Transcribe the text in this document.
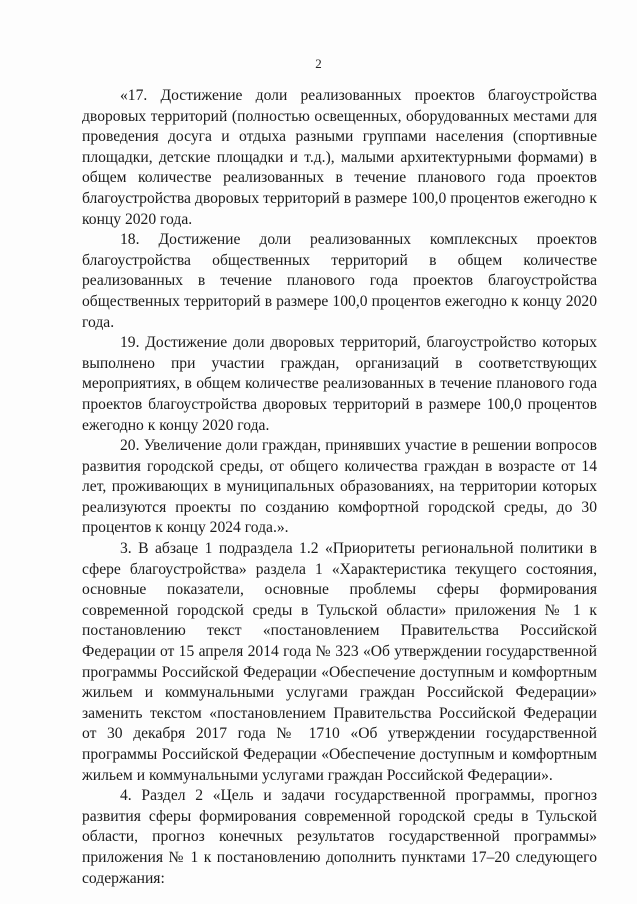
2

«17. Достижение доли реализованных проектов благоустройства дворовых территорий (полностью освещенных, оборудованных местами для проведения досуга и отдыха разными группами населения (спортивные площадки, детские площадки и т.д.), малыми архитектурными формами) в общем количестве реализованных в течение планового года проектов благоустройства дворовых территорий в размере 100,0 процентов ежегодно к концу 2020 года.

18. Достижение доли реализованных комплексных проектов благоустройства общественных территорий в общем количестве реализованных в течение планового года проектов благоустройства общественных территорий в размере 100,0 процентов ежегодно к концу 2020 года.

19. Достижение доли дворовых территорий, благоустройство которых выполнено при участии граждан, организаций в соответствующих мероприятиях, в общем количестве реализованных в течение планового года проектов благоустройства дворовых территорий в размере 100,0 процентов ежегодно к концу 2020 года.

20. Увеличение доли граждан, принявших участие в решении вопросов развития городской среды, от общего количества граждан в возрасте от 14 лет, проживающих в муниципальных образованиях, на территории которых реализуются проекты по созданию комфортной городской среды, до 30 процентов к концу 2024 года.».

3. В абзаце 1 подраздела 1.2 «Приоритеты региональной политики в сфере благоустройства» раздела 1 «Характеристика текущего состояния, основные показатели, основные проблемы сферы формирования современной городской среды в Тульской области» приложения № 1 к постановлению текст «постановлением Правительства Российской Федерации от 15 апреля 2014 года № 323 «Об утверждении государственной программы Российской Федерации «Обеспечение доступным и комфортным жильем и коммунальными услугами граждан Российской Федерации» заменить текстом «постановлением Правительства Российской Федерации от 30 декабря 2017 года № 1710 «Об утверждении государственной программы Российской Федерации «Обеспечение доступным и комфортным жильем и коммунальными услугами граждан Российской Федерации».

4. Раздел 2 «Цель и задачи государственной программы, прогноз развития сферы формирования современной городской среды в Тульской области, прогноз конечных результатов государственной программы» приложения № 1 к постановлению дополнить пунктами 17–20 следующего содержания:
